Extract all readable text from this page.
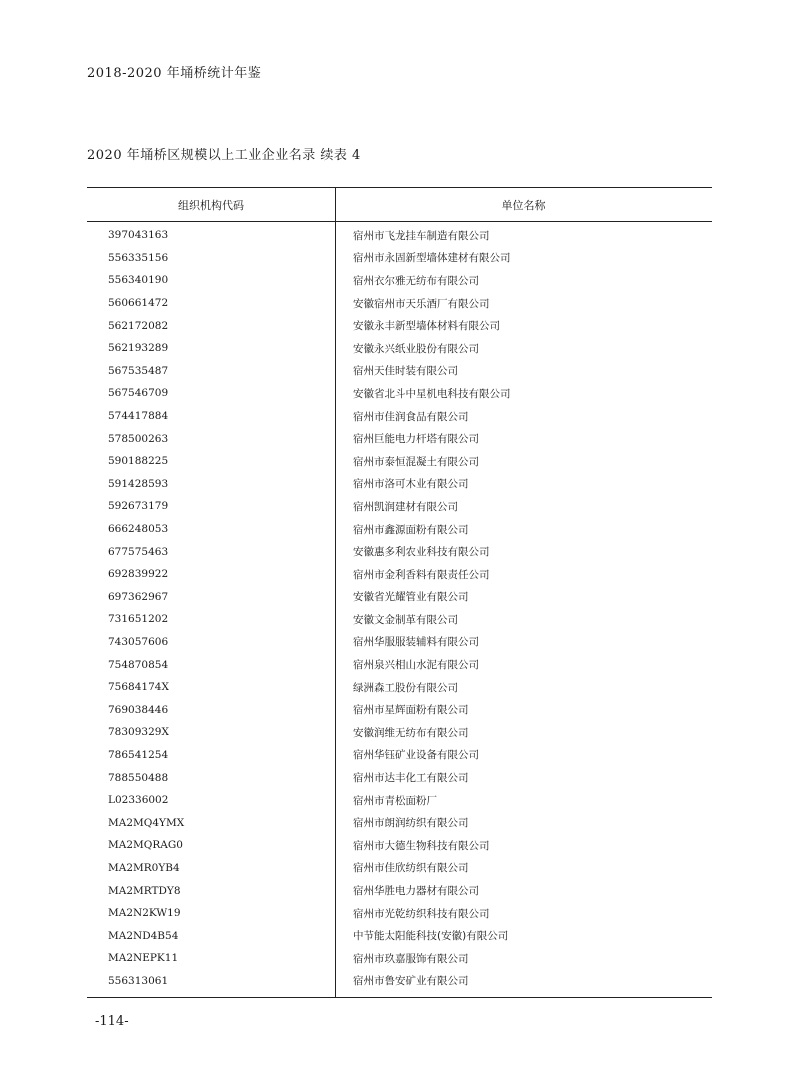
2018-2020 年埇桥统计年鉴
2020 年埇桥区规模以上工业企业名录 续表 4
组织机构代码	单位名称
397043163	宿州市飞龙挂车制造有限公司
556335156	宿州市永固新型墙体建材有限公司
556340190	宿州衣尔雅无纺布有限公司
560661472	安徽宿州市天乐酒厂有限公司
562172082	安徽永丰新型墙体材料有限公司
562193289	安徽永兴纸业股份有限公司
567535487	宿州天佳时装有限公司
567546709	安徽省北斗中星机电科技有限公司
574417884	宿州市佳润食品有限公司
578500263	宿州巨能电力杆塔有限公司
590188225	宿州市泰恒混凝土有限公司
591428593	宿州市洛可木业有限公司
592673179	宿州凯润建材有限公司
666248053	宿州市鑫源面粉有限公司
677575463	安徽惠多利农业科技有限公司
692839922	宿州市金利香料有限责任公司
697362967	安徽省光耀管业有限公司
731651202	安徽文金制革有限公司
743057606	宿州华服服装辅料有限公司
754870854	宿州泉兴相山水泥有限公司
75684174X	绿洲森工股份有限公司
769038446	宿州市星辉面粉有限公司
78309329X	安徽润维无纺布有限公司
786541254	宿州华钰矿业设备有限公司
788550488	宿州市达丰化工有限公司
L02336002	宿州市青松面粉厂
MA2MQ4YMX	宿州市朗润纺织有限公司
MA2MQRAG0	宿州市大德生物科技有限公司
MA2MR0YB4	宿州市佳欣纺织有限公司
MA2MRTDY8	宿州华胜电力器材有限公司
MA2N2KW19	宿州市光乾纺织科技有限公司
MA2ND4B54	中节能太阳能科技(安徽)有限公司
MA2NEPK11	宿州市玖嘉服饰有限公司
556313061	宿州市鲁安矿业有限公司
-114-
